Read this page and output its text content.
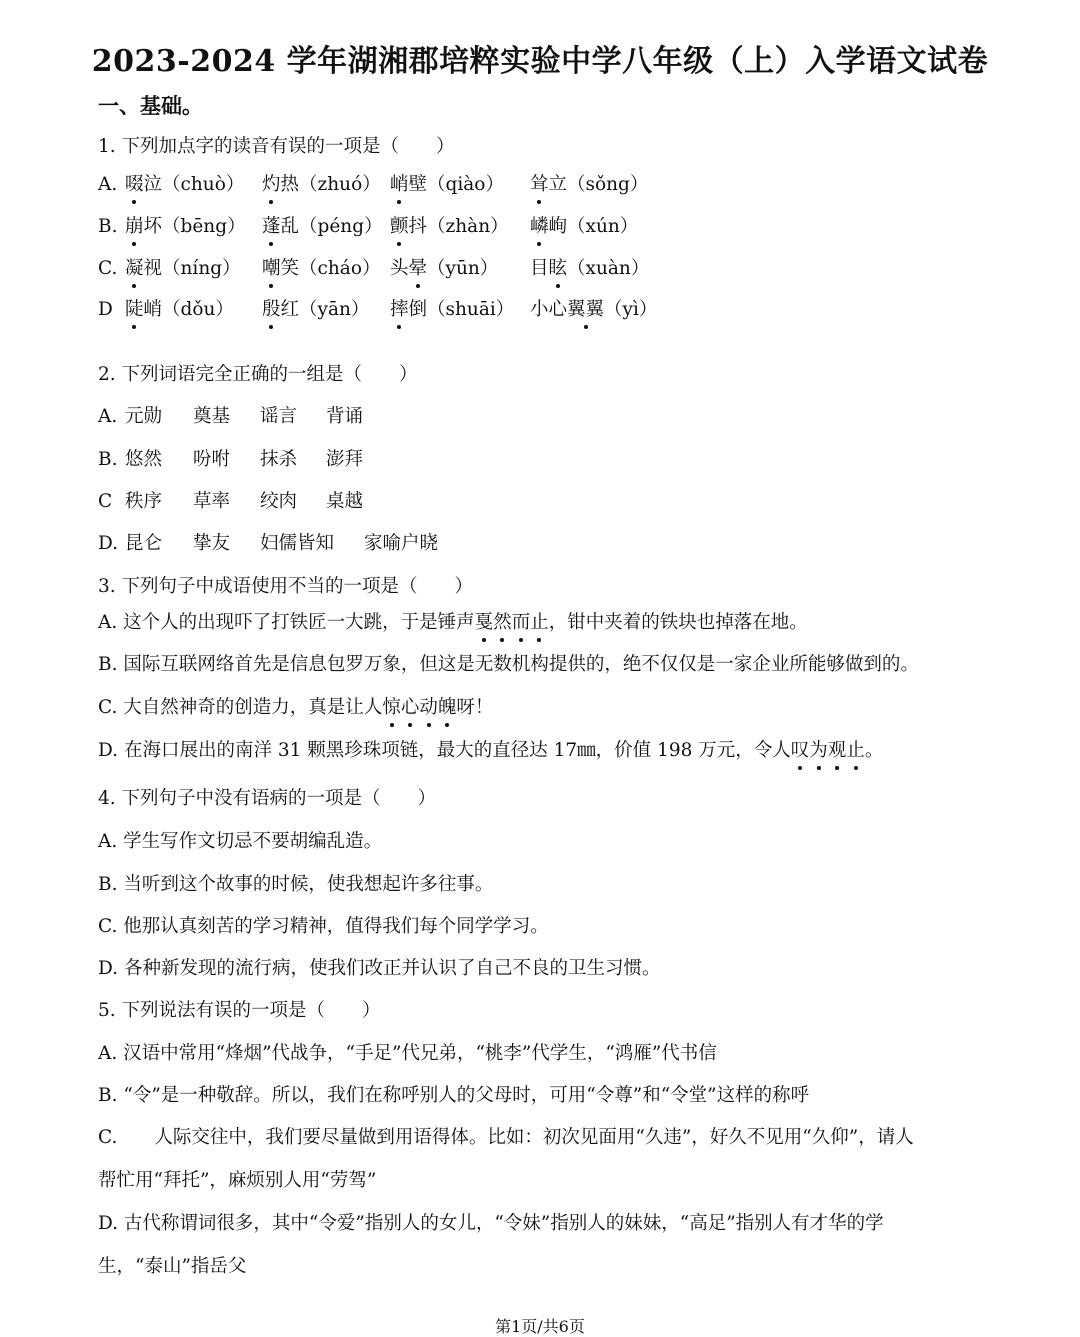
2023-2024 学年湖湘郡培粹实验中学八年级（上）入学语文试卷
一、基础。
1. 下列加点字的读音有误的一项是（　　）
A. 啜泣（chuò） 灼热（zhuó） 峭壁（qiào） 耸立（sǒng）
B. 崩坏（bēng） 蓬乱（péng） 颤抖（zhàn） 嶙峋（xún）
C. 凝视（níng） 嘲笑（cháo） 头晕（yūn） 目眩（xuàn）
D 陡峭（dǒu） 殷红（yān） 摔倒（shuāi） 小心翼翼（yì）
2. 下列词语完全正确的一组是（　　）
A. 元勋 奠基 谣言 背诵
B. 悠然 吩咐 抹杀 澎拜
C 秩序 草率 绞肉 桌越
D. 昆仑 挚友 妇儒皆知 家喻户晓
3. 下列句子中成语使用不当的一项是（　　）
A. 这个人的出现吓了打铁匠一大跳，于是锤声戛然而止，钳中夹着的铁块也掉落在地。
B. 国际互联网络首先是信息包罗万象，但这是无数机构提供的，绝不仅仅是一家企业所能够做到的。
C. 大自然神奇的创造力，真是让人惊心动魄呀！
D. 在海口展出的南洋 31 颗黑珍珠项链，最大的直径达 17㎜，价值 198 万元，令人叹为观止。
4. 下列句子中没有语病的一项是（　　）
A. 学生写作文切忌不要胡编乱造。
B. 当听到这个故事的时候，使我想起许多往事。
C. 他那认真刻苦的学习精神，值得我们每个同学学习。
D. 各种新发现的流行病，使我们改正并认识了自己不良的卫生习惯。
5. 下列说法有误的一项是（　　）
A. 汉语中常用“烽烟”代战争，“手足”代兄弟，“桃李”代学生，“鸿雁”代书信
B. “令”是一种敬辞。所以，我们在称呼别人的父母时，可用“令尊”和“令堂”这样的称呼
C.　　人际交往中，我们要尽量做到用语得体。比如：初次见面用“久违”，好久不见用“久仰”，请人
帮忙用“拜托”，麻烦别人用“劳驾”
D. 古代称谓词很多，其中“令爱”指别人的女儿，“令妹”指别人的妹妹，“高足”指别人有才华的学
生，“泰山”指岳父
第1页/共6页
